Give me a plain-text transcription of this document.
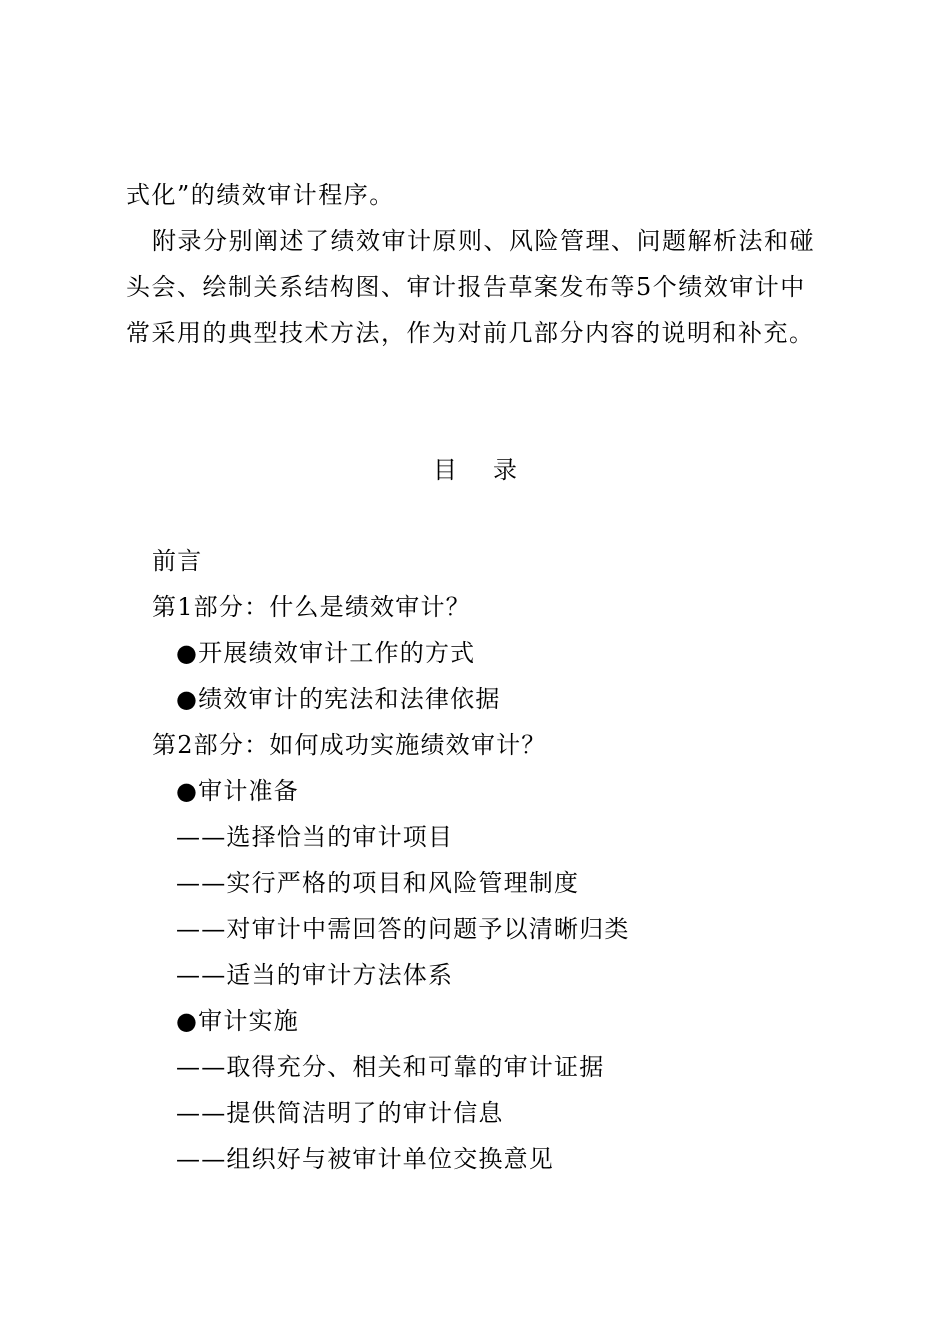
式化”的绩效审计程序。
附录分别阐述了绩效审计原则、风险管理、问题解析法和碰
头会、绘制关系结构图、审计报告草案发布等5个绩效审计中
常采用的典型技术方法，作为对前几部分内容的说明和补充。
目 录
前言
第1部分：什么是绩效审计？
●开展绩效审计工作的方式
●绩效审计的宪法和法律依据
第2部分：如何成功实施绩效审计？
●审计准备
——选择恰当的审计项目
——实行严格的项目和风险管理制度
——对审计中需回答的问题予以清晰归类
——适当的审计方法体系
●审计实施
——取得充分、相关和可靠的审计证据
——提供简洁明了的审计信息
——组织好与被审计单位交换意见
